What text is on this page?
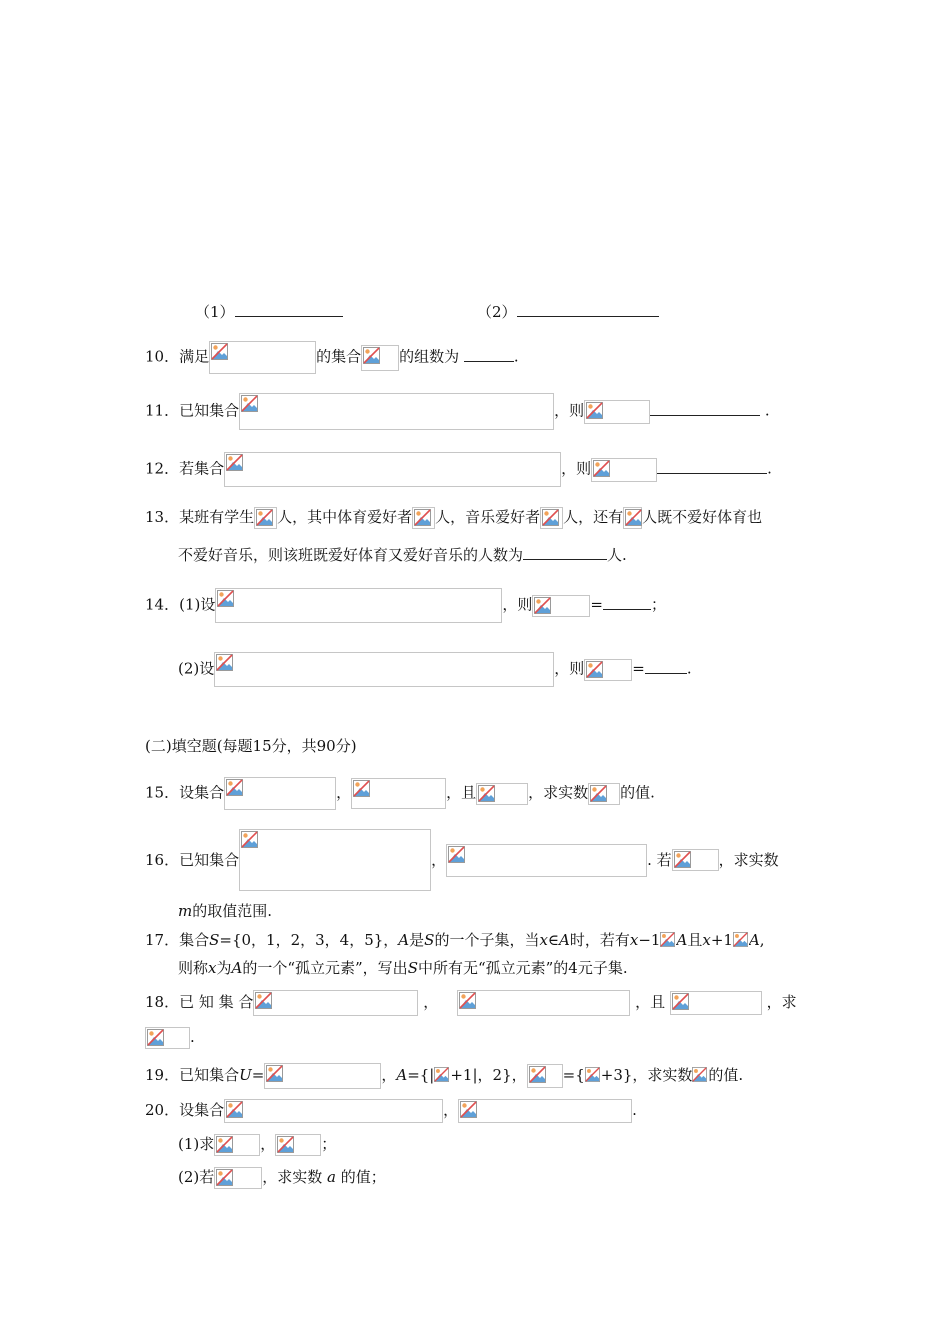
（1）	（2）
10．满足	的集合	的组数为	.
11．已知集合	，则	.
12．若集合	，则	.
13．某班有学生 人，其中体育爱好者 人，音乐爱好者 人，还有 人既不爱好体育也
不爱好音乐，则该班既爱好体育又爱好音乐的人数为	人.
14．(1)设	，则	=	；
(2)设	，则	=	.
(二)填空题(每题15分，共90分)
15．设集合	，	，且	，求实数 的值.
16．已知集合	，	. 若	，求实数
m的取值范围.
17．集合S={0，1，2，3，4，5}，A是S的一个子集，当x∈A时，若有x−1 A且x+1 A,
则称x为A的一个“孤立元素”，写出S中所有无“孤立元素”的4元子集.
18．已 知 集 合	，	，且	，求
.
19．已知集合U=	，A={| +1|，2}， ={ +3}，求实数 的值.
20．设集合	，	.
(1)求	，	；
(2)若	，求实数 a 的值；
